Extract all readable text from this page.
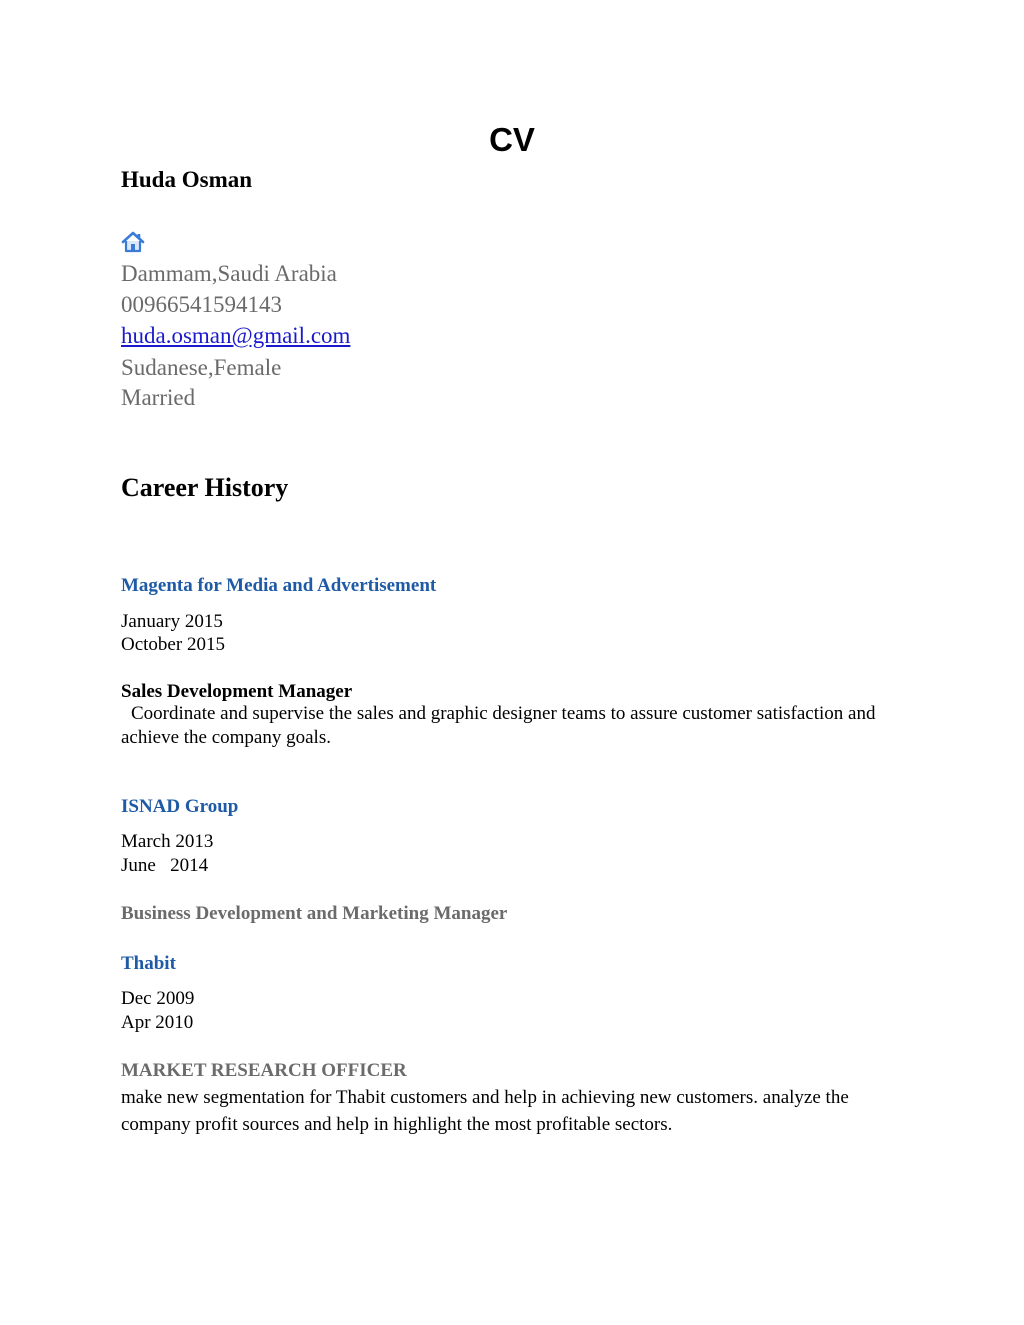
CV
Huda Osman
Dammam,Saudi Arabia
00966541594143
huda.osman@gmail.com
Sudanese,Female
Married
Career History
Magenta for Media and Advertisement
January 2015
October 2015
Sales Development Manager
Coordinate and supervise the sales and graphic designer teams to assure customer satisfaction and achieve the company goals.
ISNAD Group
March 2013
June   2014
Business Development and Marketing Manager
Thabit
Dec 2009
Apr 2010
MARKET RESEARCH OFFICER
make new segmentation for Thabit customers and help in achieving new customers. analyze the company profit sources and help in highlight the most profitable sectors.
